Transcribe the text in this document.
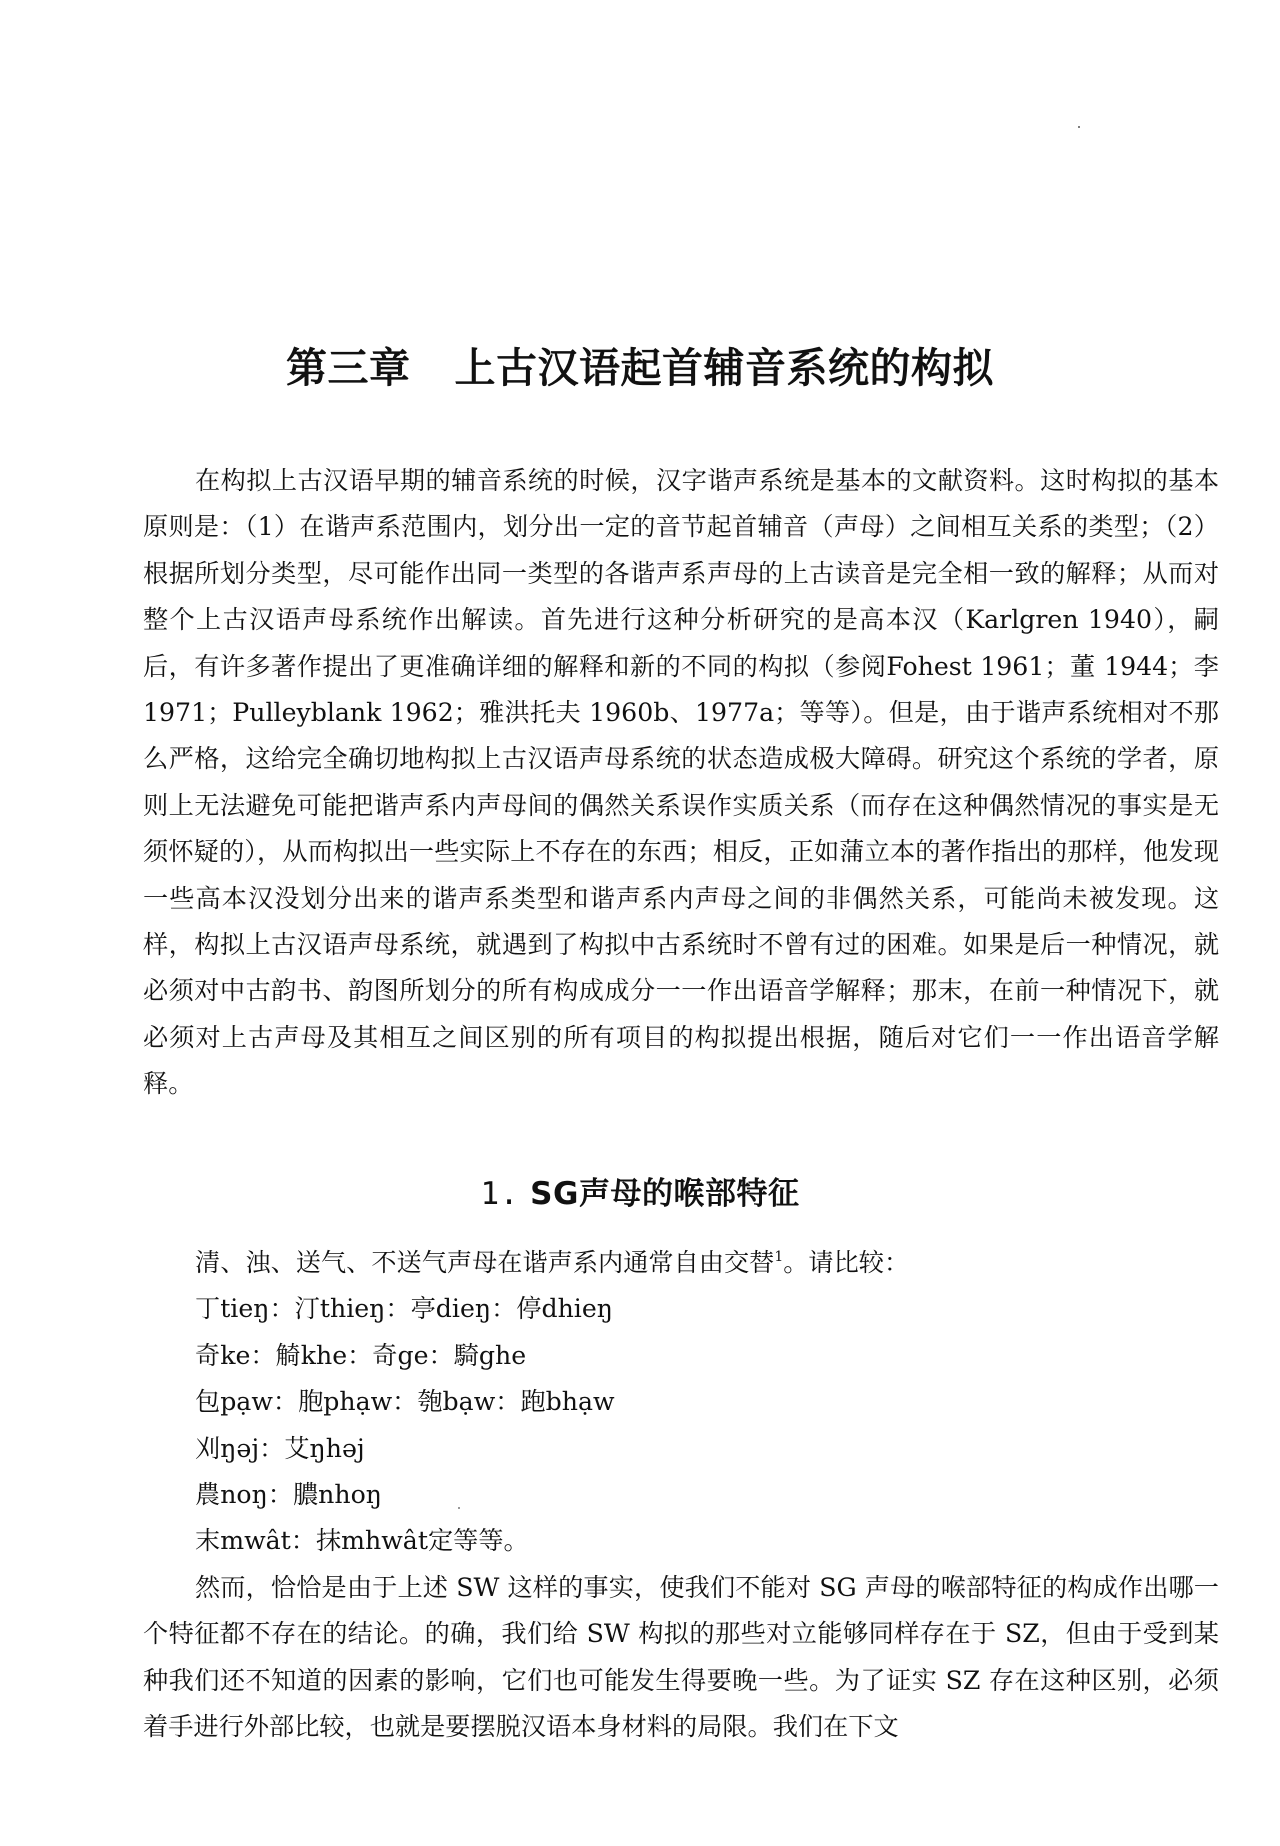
第三章 上古汉语起首辅音系统的构拟

在构拟上古汉语早期的辅音系统的时候，汉字谐声系统是基本的文献资料。这时构拟的基本原则是：（1）在谐声系范围内，划分出一定的音节起首辅音（声母）之间相互关系的类型；（2）根据所划分类型，尽可能作出同一类型的各谐声系声母的上古读音是完全相一致的解释；从而对整个上古汉语声母系统作出解读。首先进行这种分析研究的是高本汉（Karlgren 1940），嗣后，有许多著作提出了更准确详细的解释和新的不同的构拟（参阅Fohest 1961；董 1944；李 1971；Pulleyblank 1962；雅洪托夫 1960b、1977a；等等）。但是，由于谐声系统相对不那么严格，这给完全确切地构拟上古汉语声母系统的状态造成极大障碍。研究这个系统的学者，原则上无法避免可能把谐声系内声母间的偶然关系误作实质关系（而存在这种偶然情况的事实是无须怀疑的），从而构拟出一些实际上不存在的东西；相反，正如蒲立本的著作指出的那样，他发现一些高本汉没划分出来的谐声系类型和谐声系内声母之间的非偶然关系，可能尚未被发现。这样，构拟上古汉语声母系统，就遇到了构拟中古系统时不曾有过的困难。如果是后一种情况，就必须对中古韵书、韵图所划分的所有构成成分一一作出语音学解释；那末，在前一种情况下，就必须对上古声母及其相互之间区别的所有项目的构拟提出根据，随后对它们一一作出语音学解释。

1. SG声母的喉部特征

清、浊、送气、不送气声母在谐声系内通常自由交替$^1$。请比较：

丁tieŋ：汀thieŋ：亭dieŋ：停dhieŋ

奇ke：觭khe：奇ge：騎ghe

包pạw：胞phạw：匏bạw：跑bhạw

刈ŋəj：艾ŋhəj

農noŋ：膿nhoŋ

末mwât：抹mhwât定等等。

然而，恰恰是由于上述 SW 这样的事实，使我们不能对 SG 声母的喉部特征的构成作出哪一个特征都不存在的结论。的确，我们给 SW 构拟的那些对立能够同样存在于 SZ，但由于受到某种我们还不知道的因素的影响，它们也可能发生得要晚一些。为了证实 SZ 存在这种区别，必须着手进行外部比较，也就是要摆脱汉语本身材料的局限。我们在下文
